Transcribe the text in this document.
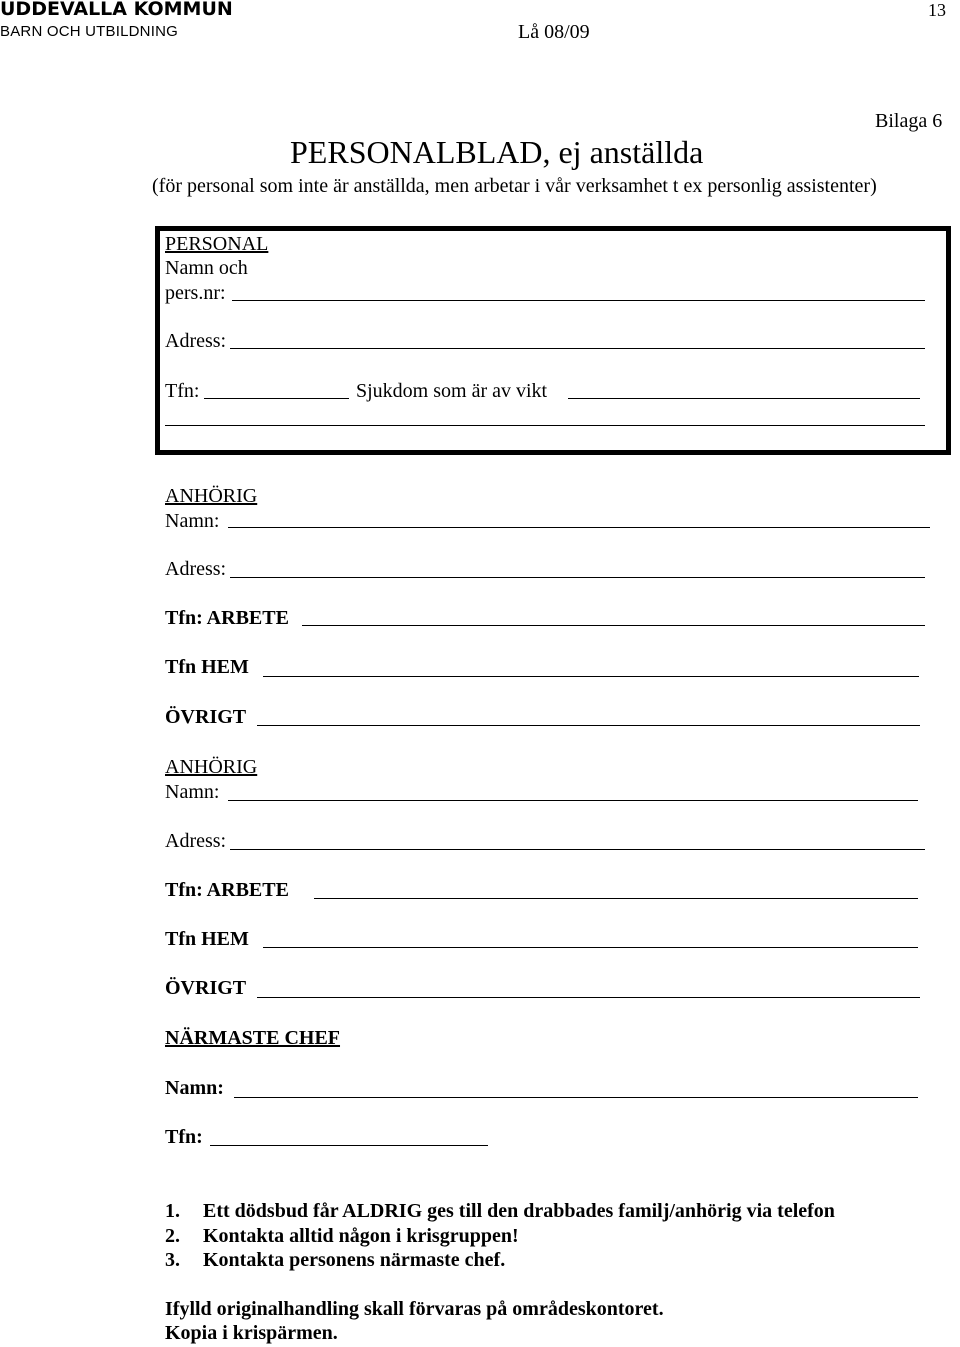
UDDEVALLA KOMMUN
BARN OCH UTBILDNING	Lå 08/09
13
Bilaga 6
PERSONALBLAD, ej anställda
(för personal som inte är anställda, men arbetar i vår verksamhet t ex personlig assistenter)
PERSONAL
Namn och
pers.nr:
Adress:
Tfn:	Sjukdom som är av vikt
ANHÖRIG
Namn:
Adress:
Tfn: ARBETE
Tfn HEM
ÖVRIGT
ANHÖRIG
Namn:
Adress:
Tfn: ARBETE
Tfn HEM
ÖVRIGT
NÄRMASTE CHEF
Namn:
Tfn:
1. Ett dödsbud får ALDRIG ges till den drabbades familj/anhörig via telefon
2. Kontakta alltid någon i krisgruppen!
3. Kontakta personens närmaste chef.
Ifylld originalhandling skall förvaras på områdeskontoret.
Kopia i krispärmen.
